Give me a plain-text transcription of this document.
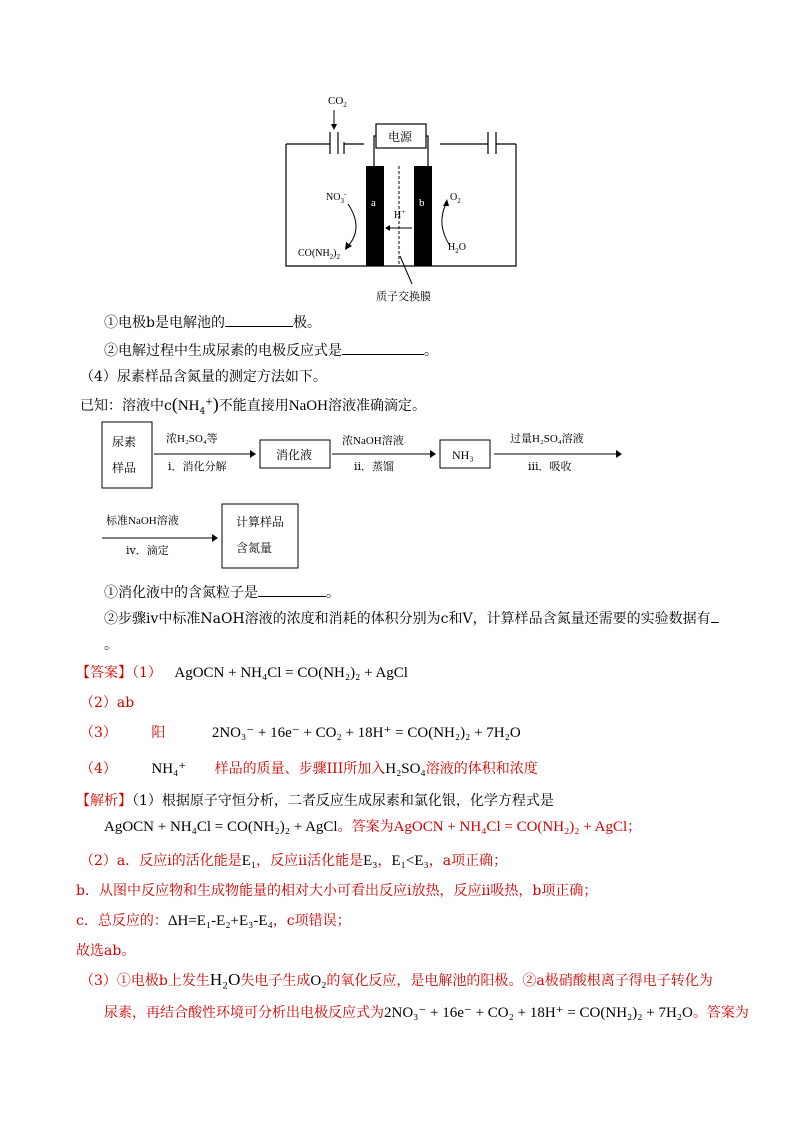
$CO_2$
电源
a	b
H+
$NO_3^-$
$CO(NH_2)_2$
$O_2$
$H_2O$
质子交换膜
①电极b是电解池的	极。
②电解过程中生成尿素的电极反应式是	。
（4）尿素样品含氮量的测定方法如下。
已知：溶液中$c(NH_4^+)$不能直接用NaOH溶液准确滴定。
尿素
样品
浓H₂SO₄等
ⅰ．消化分解
消化液
浓NaOH溶液
ⅱ．蒸馏
NH₃
过量H₂SO₄溶液
ⅲ．吸收
标准NaOH溶液
ⅳ．滴定
计算样品
含氮量
①消化液中的含氮粒子是	。
②步骤ⅳ中标准NaOH溶液的浓度和消耗的体积分别为c和V，计算样品含氮量还需要的实验数据有
。
【答案】（1） AgOCN + NH₄Cl = CO(NH₂)₂ + AgCl
（2）ab
（3） 阳	2NO₃⁻ + 16e⁻ + CO₂ + 18H⁺ = CO(NH₂)₂ + 7H₂O
（4） NH₄⁺ 样品的质量、步骤III所加入H₂SO₄溶液的体积和浓度
【解析】（1）根据原子守恒分析，二者反应生成尿素和氯化银，化学方程式是
AgOCN + NH₄Cl = CO(NH₂)₂ + AgCl。答案为AgOCN + NH₄Cl = CO(NH₂)₂ + AgCl；
（2）a．反应ⅰ的活化能是E₁，反应ⅱ活化能是E₃，E₁<E₃，a项正确；
b．从图中反应物和生成物能量的相对大小可看出反应ⅰ放热，反应ⅱ吸热，b项正确；
c．总反应的：ΔH=E₁-E₂+E₃-E₄，c项错误；
故选ab。
（3）①电极b上发生H₂O失电子生成O₂的氧化反应，是电解池的阳极。②a极硝酸根离子得电子转化为
尿素，再结合酸性环境可分析出电极反应式为2NO₃⁻ + 16e⁻ + CO₂ + 18H⁺ = CO(NH₂)₂ + 7H₂O。答案为
